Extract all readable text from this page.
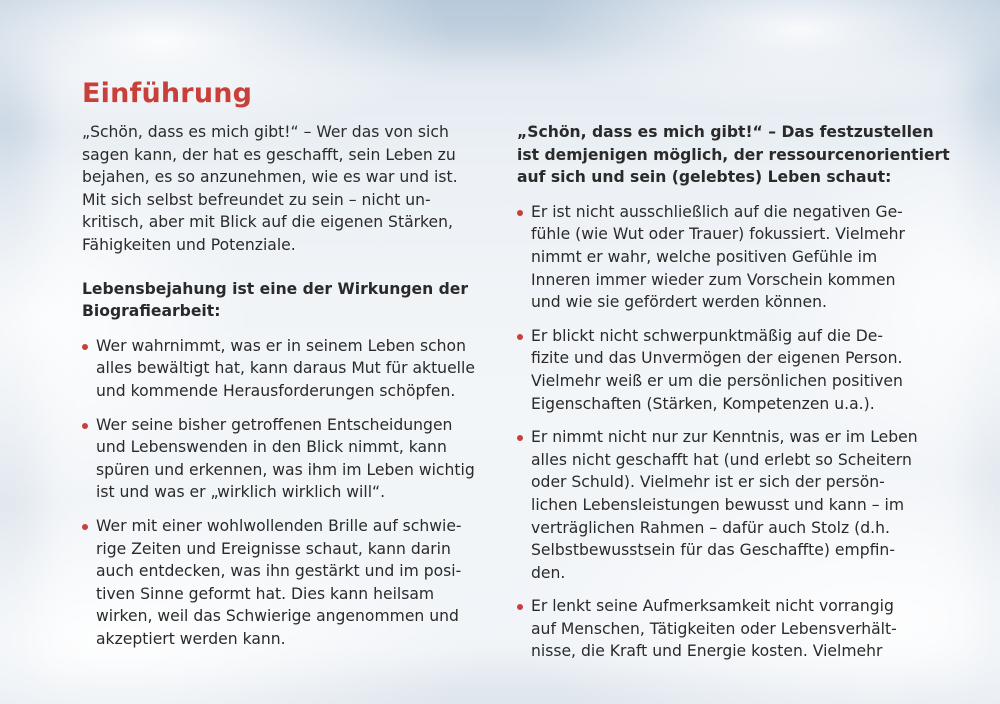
Einführung

„Schön, dass es mich gibt!“ – Wer das von sich
sagen kann, der hat es geschafft, sein Leben zu
bejahen, es so anzunehmen, wie es war und ist.
Mit sich selbst befreundet zu sein – nicht un-
kritisch, aber mit Blick auf die eigenen Stärken,
Fähigkeiten und Potenziale.

Lebensbejahung ist eine der Wirkungen der
Biografiearbeit:

Wer wahrnimmt, was er in seinem Leben schon
alles bewältigt hat, kann daraus Mut für aktuelle
und kommende Herausforderungen schöpfen.
Wer seine bisher getroffenen Entscheidungen
und Lebenswenden in den Blick nimmt, kann
spüren und erkennen, was ihm im Leben wichtig
ist und was er „wirklich wirklich will“.
Wer mit einer wohlwollenden Brille auf schwie-
rige Zeiten und Ereignisse schaut, kann darin
auch entdecken, was ihn gestärkt und im posi-
tiven Sinne geformt hat. Dies kann heilsam
wirken, weil das Schwierige angenommen und
akzeptiert werden kann.

„Schön, dass es mich gibt!“ – Das festzustellen
ist demjenigen möglich, der ressourcenorientiert
auf sich und sein (gelebtes) Leben schaut:

Er ist nicht ausschließlich auf die negativen Ge-
fühle (wie Wut oder Trauer) fokussiert. Vielmehr
nimmt er wahr, welche positiven Gefühle im
Inneren immer wieder zum Vorschein kommen
und wie sie gefördert werden können.
Er blickt nicht schwerpunktmäßig auf die De-
fizite und das Unvermögen der eigenen Person.
Vielmehr weiß er um die persönlichen positiven
Eigenschaften (Stärken, Kompetenzen u.a.).
Er nimmt nicht nur zur Kenntnis, was er im Leben
alles nicht geschafft hat (und erlebt so Scheitern
oder Schuld). Vielmehr ist er sich der persön-
lichen Lebensleistungen bewusst und kann – im
verträglichen Rahmen – dafür auch Stolz (d.h.
Selbstbewusstsein für das Geschaffte) empfin-
den.
Er lenkt seine Aufmerksamkeit nicht vorrangig
auf Menschen, Tätigkeiten oder Lebensverhält-
nisse, die Kraft und Energie kosten. Vielmehr
